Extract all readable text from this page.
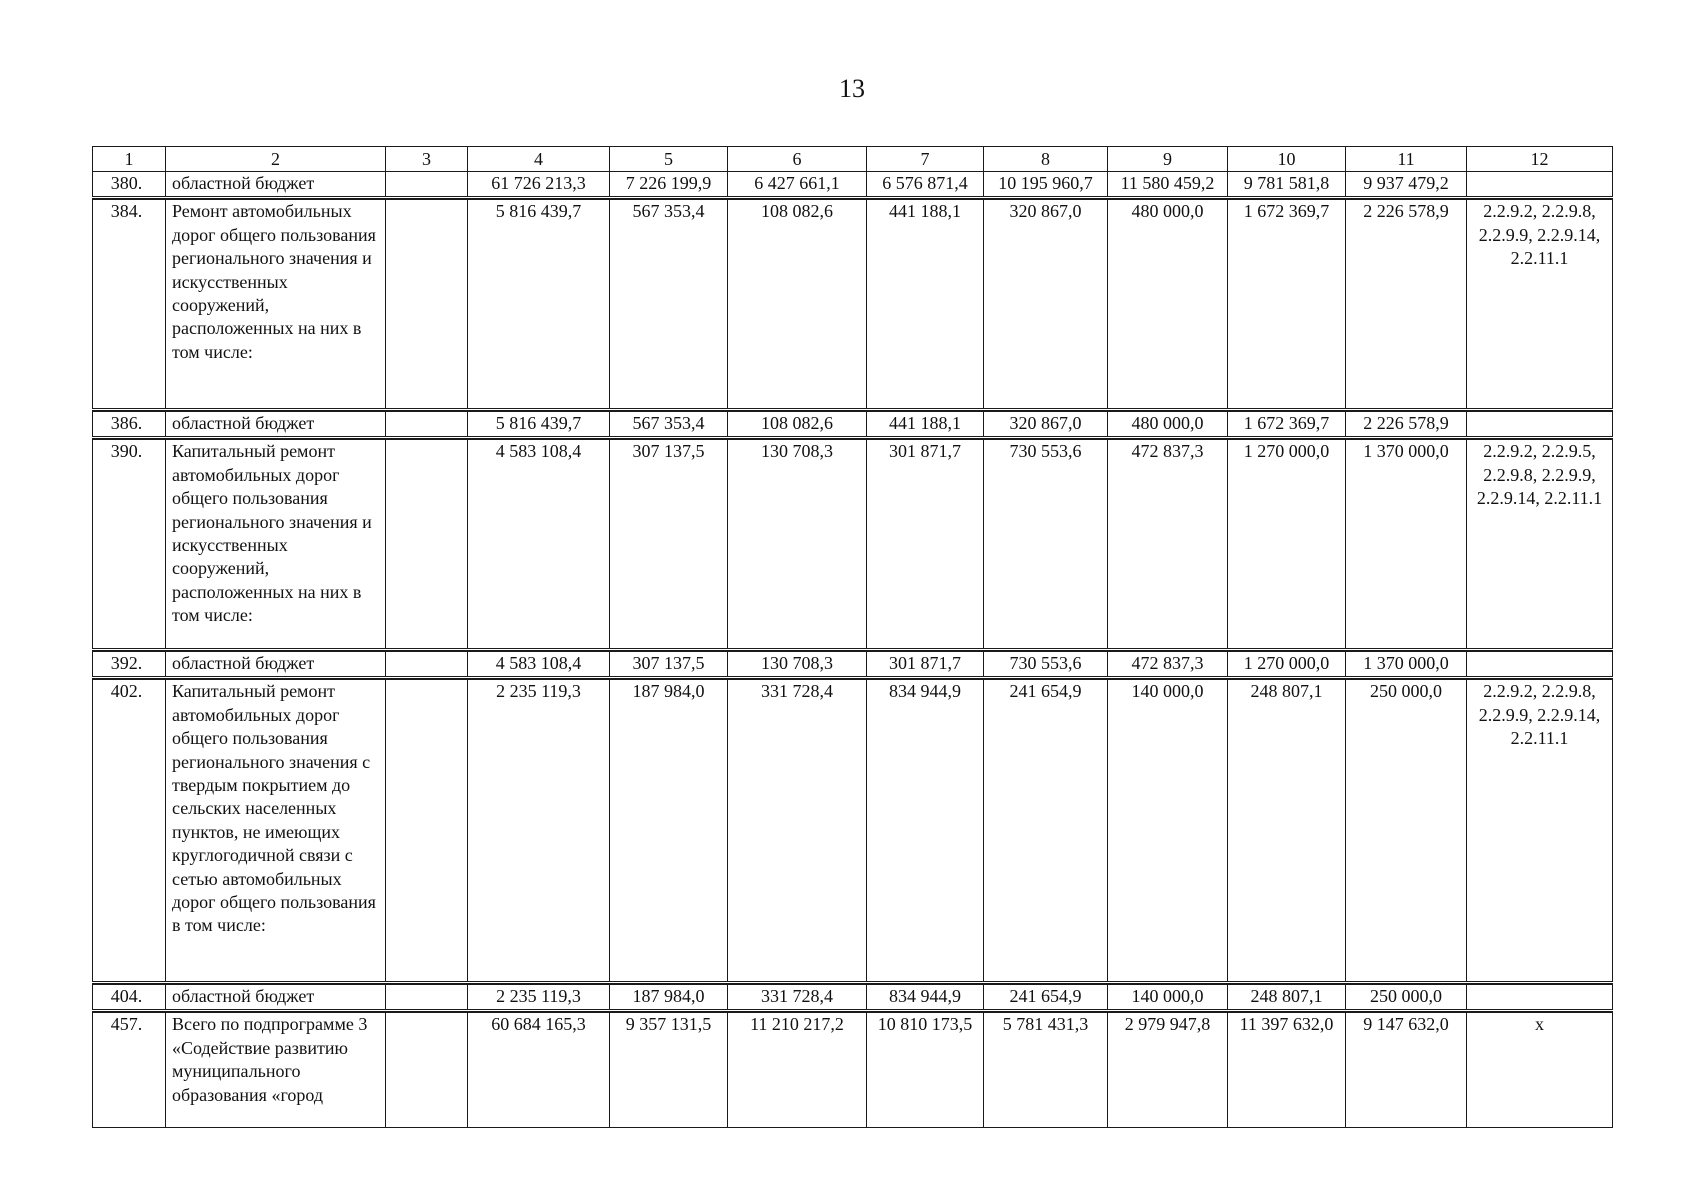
13
1	2	3	4	5	6	7	8	9	10	11	12
380.	областной бюджет		61 726 213,3	7 226 199,9	6 427 661,1	6 576 871,4	10 195 960,7	11 580 459,2	9 781 581,8	9 937 479,2	

384.	Ремонт автомобильных дорог общего пользования регионального значения и искусственных сооружений, расположенных на них в том числе:		5 816 439,7	567 353,4	108 082,6	441 188,1	320 867,0	480 000,0	1 672 369,7	2 226 578,9	2.2.9.2, 2.2.9.8, 2.2.9.9, 2.2.9.14, 2.2.11.1

386.	областной бюджет		5 816 439,7	567 353,4	108 082,6	441 188,1	320 867,0	480 000,0	1 672 369,7	2 226 578,9	

390.	Капитальный ремонт автомобильных дорог общего пользования регионального значения и искусственных сооружений, расположенных на них в том числе:		4 583 108,4	307 137,5	130 708,3	301 871,7	730 553,6	472 837,3	1 270 000,0	1 370 000,0	2.2.9.2, 2.2.9.5, 2.2.9.8, 2.2.9.9, 2.2.9.14, 2.2.11.1

392.	областной бюджет		4 583 108,4	307 137,5	130 708,3	301 871,7	730 553,6	472 837,3	1 270 000,0	1 370 000,0	

402.	Капитальный ремонт автомобильных дорог общего пользования регионального значения с твердым покрытием до сельских населенных пунктов, не имеющих круглогодичной связи с сетью автомобильных дорог общего пользования в том числе:		2 235 119,3	187 984,0	331 728,4	834 944,9	241 654,9	140 000,0	248 807,1	250 000,0	2.2.9.2, 2.2.9.8, 2.2.9.9, 2.2.9.14, 2.2.11.1

404.	областной бюджет		2 235 119,3	187 984,0	331 728,4	834 944,9	241 654,9	140 000,0	248 807,1	250 000,0	

457.	Всего по подпрограмме 3 «Содействие развитию муниципального образования «город		60 684 165,3	9 357 131,5	11 210 217,2	10 810 173,5	5 781 431,3	2 979 947,8	11 397 632,0	9 147 632,0	х
